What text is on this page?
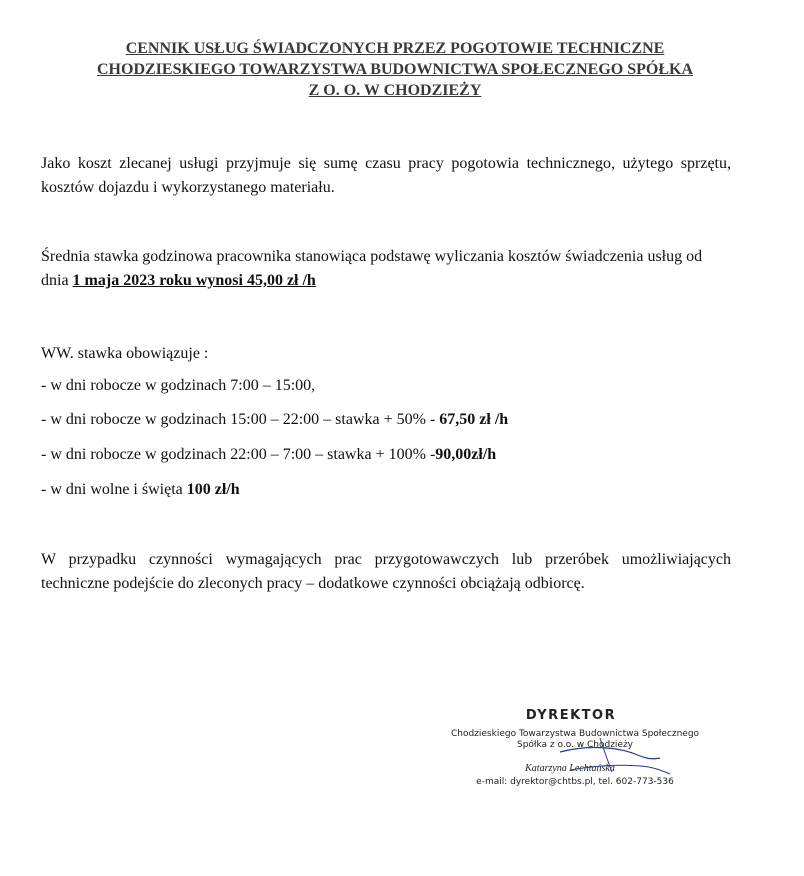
CENNIK USŁUG ŚWIADCZONYCH PRZEZ POGOTOWIE TECHNICZNE
CHODZIESKIEGO TOWARZYSTWA BUDOWNICTWA SPOŁECZNEGO SPÓŁKA
Z O. O. W CHODZIEŻY
Jako koszt zlecanej usługi przyjmuje się sumę czasu pracy pogotowia technicznego, użytego sprzętu, kosztów dojazdu i wykorzystanego materiału.
Średnia stawka godzinowa pracownika stanowiąca podstawę wyliczania kosztów świadczenia usług od dnia 1 maja 2023 roku wynosi 45,00 zł /h
WW. stawka obowiązuje :
- w dni robocze w godzinach 7:00 – 15:00,
- w dni robocze w godzinach 15:00 – 22:00 – stawka + 50% - 67,50 zł /h
- w dni robocze w godzinach 22:00 – 7:00 – stawka + 100% -90,00zł/h
- w dni wolne i święta 100 zł/h
W przypadku czynności wymagających prac przygotowawczych lub przeróbek umożliwiających techniczne podejście do zleconych pracy – dodatkowe czynności obciążają odbiorcę.
DYREKTOR
Chodzieskiego Towarzystwa Budownictwa Społecznego
Spółka z o.o. w Chodzieży
Katarzyna Lechtańska
e-mail: dyrektor@chtbs.pl, tel. 602-773-536
